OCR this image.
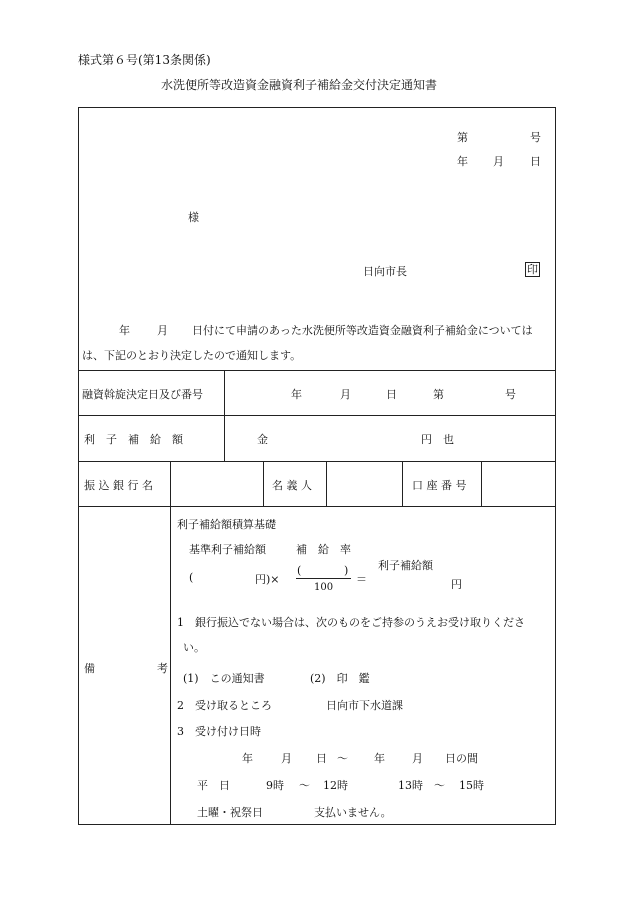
様式第６号(第13条関係)
水洗便所等改造資金融資利子補給金交付決定通知書
第	号
年 月 日
様
日向市長	印
年 月 日付にて申請のあった水洗便所等改造資金融資利子補給金については
は、下記のとおり決定したので通知します。
融資斡旋決定日及び番号	年	月	日	第	号
利　子　補　給　額	金	円　也
振 込 銀 行 名	名 義 人	口 座 番 号
備	考
利子補給額積算基礎
基準利子補給額	補　給　率
(	円)×
(	)
100
＝
利子補給額
円
1　銀行振込でない場合は、次のものをご持参のうえお受け取りくださ
い。
(1)　この通知書	(2)　印　鑑
2　受け取るところ	日向市下水道課
3　受け付け日時
年	月 日 〜 年 月 日の間
平　日	9時 〜 12時	13時 〜 15時
土曜・祝祭日	支払いません。
